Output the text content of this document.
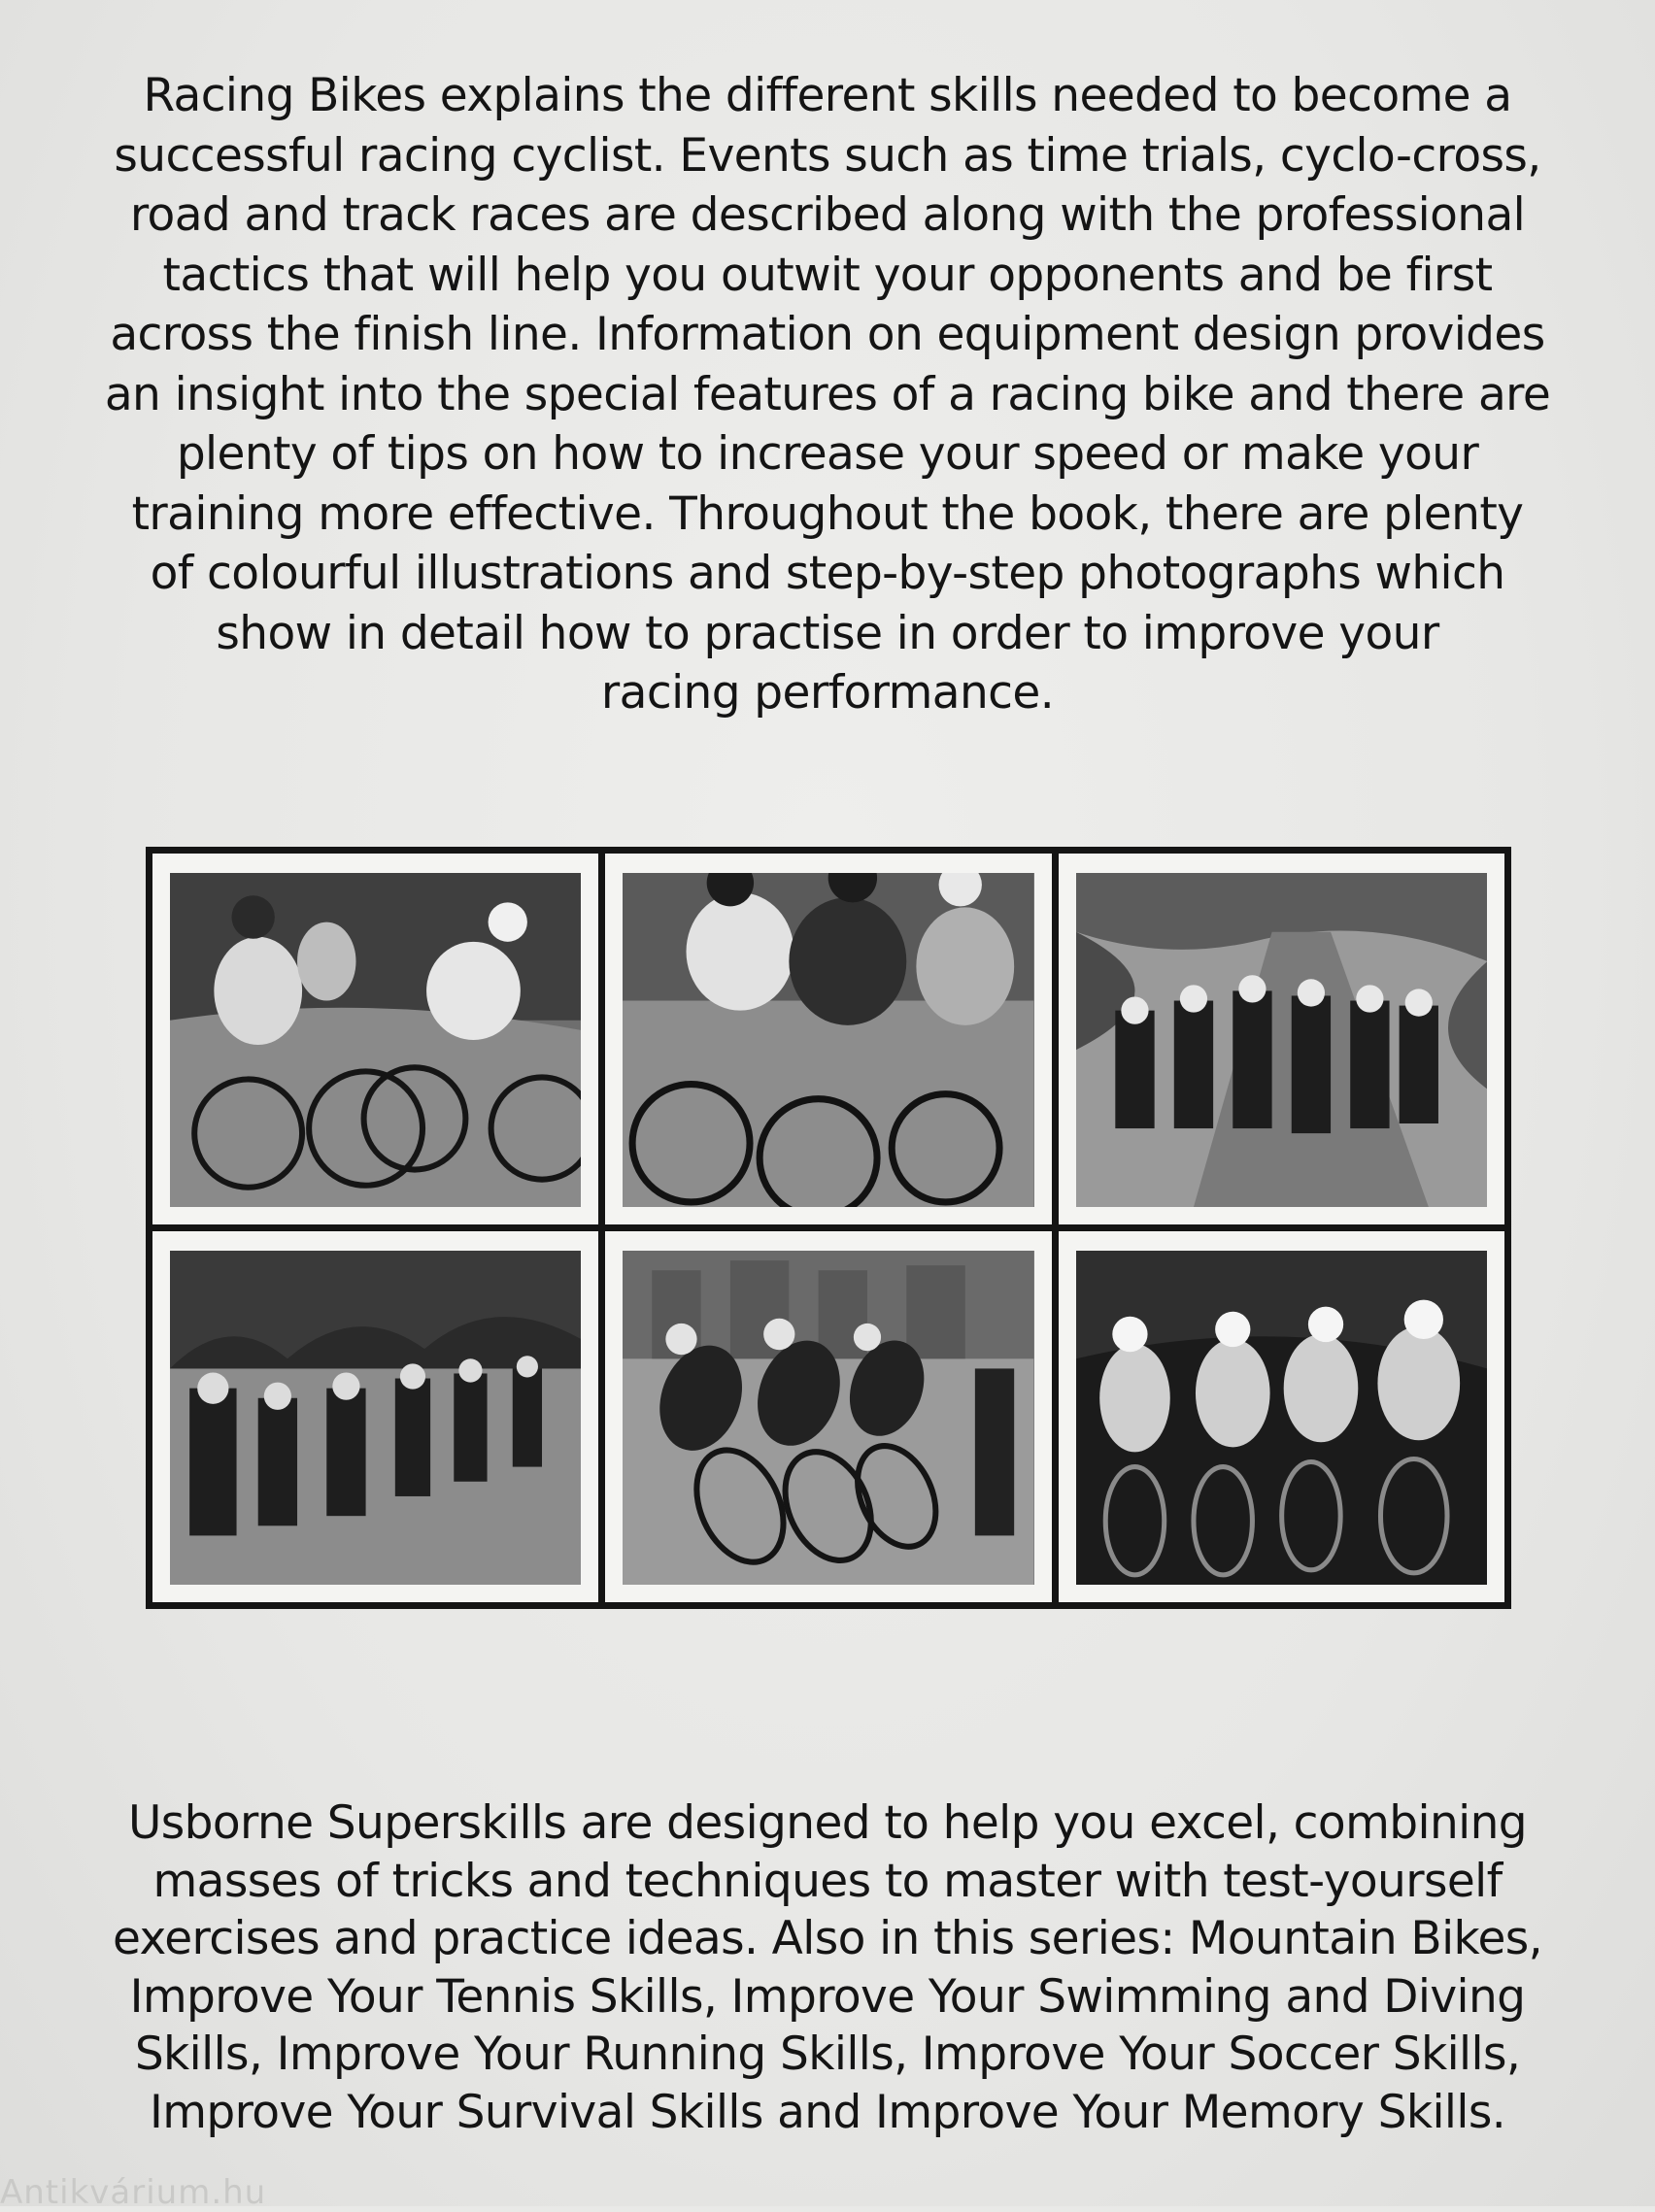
Racing Bikes explains the different skills needed to become a
successful racing cyclist. Events such as time trials, cyclo-cross,
road and track races are described along with the professional
tactics that will help you outwit your opponents and be first
across the finish line. Information on equipment design provides
an insight into the special features of a racing bike and there are
plenty of tips on how to increase your speed or make your
training more effective. Throughout the book, there are plenty
of colourful illustrations and step-by-step photographs which
show in detail how to practise in order to improve your
racing performance.

Usborne Superskills are designed to help you excel, combining
masses of tricks and techniques to master with test-yourself
exercises and practice ideas. Also in this series: Mountain Bikes,
Improve Your Tennis Skills, Improve Your Swimming and Diving
Skills, Improve Your Running Skills, Improve Your Soccer Skills,
Improve Your Survival Skills and Improve Your Memory Skills.

Antikvárium.hu
